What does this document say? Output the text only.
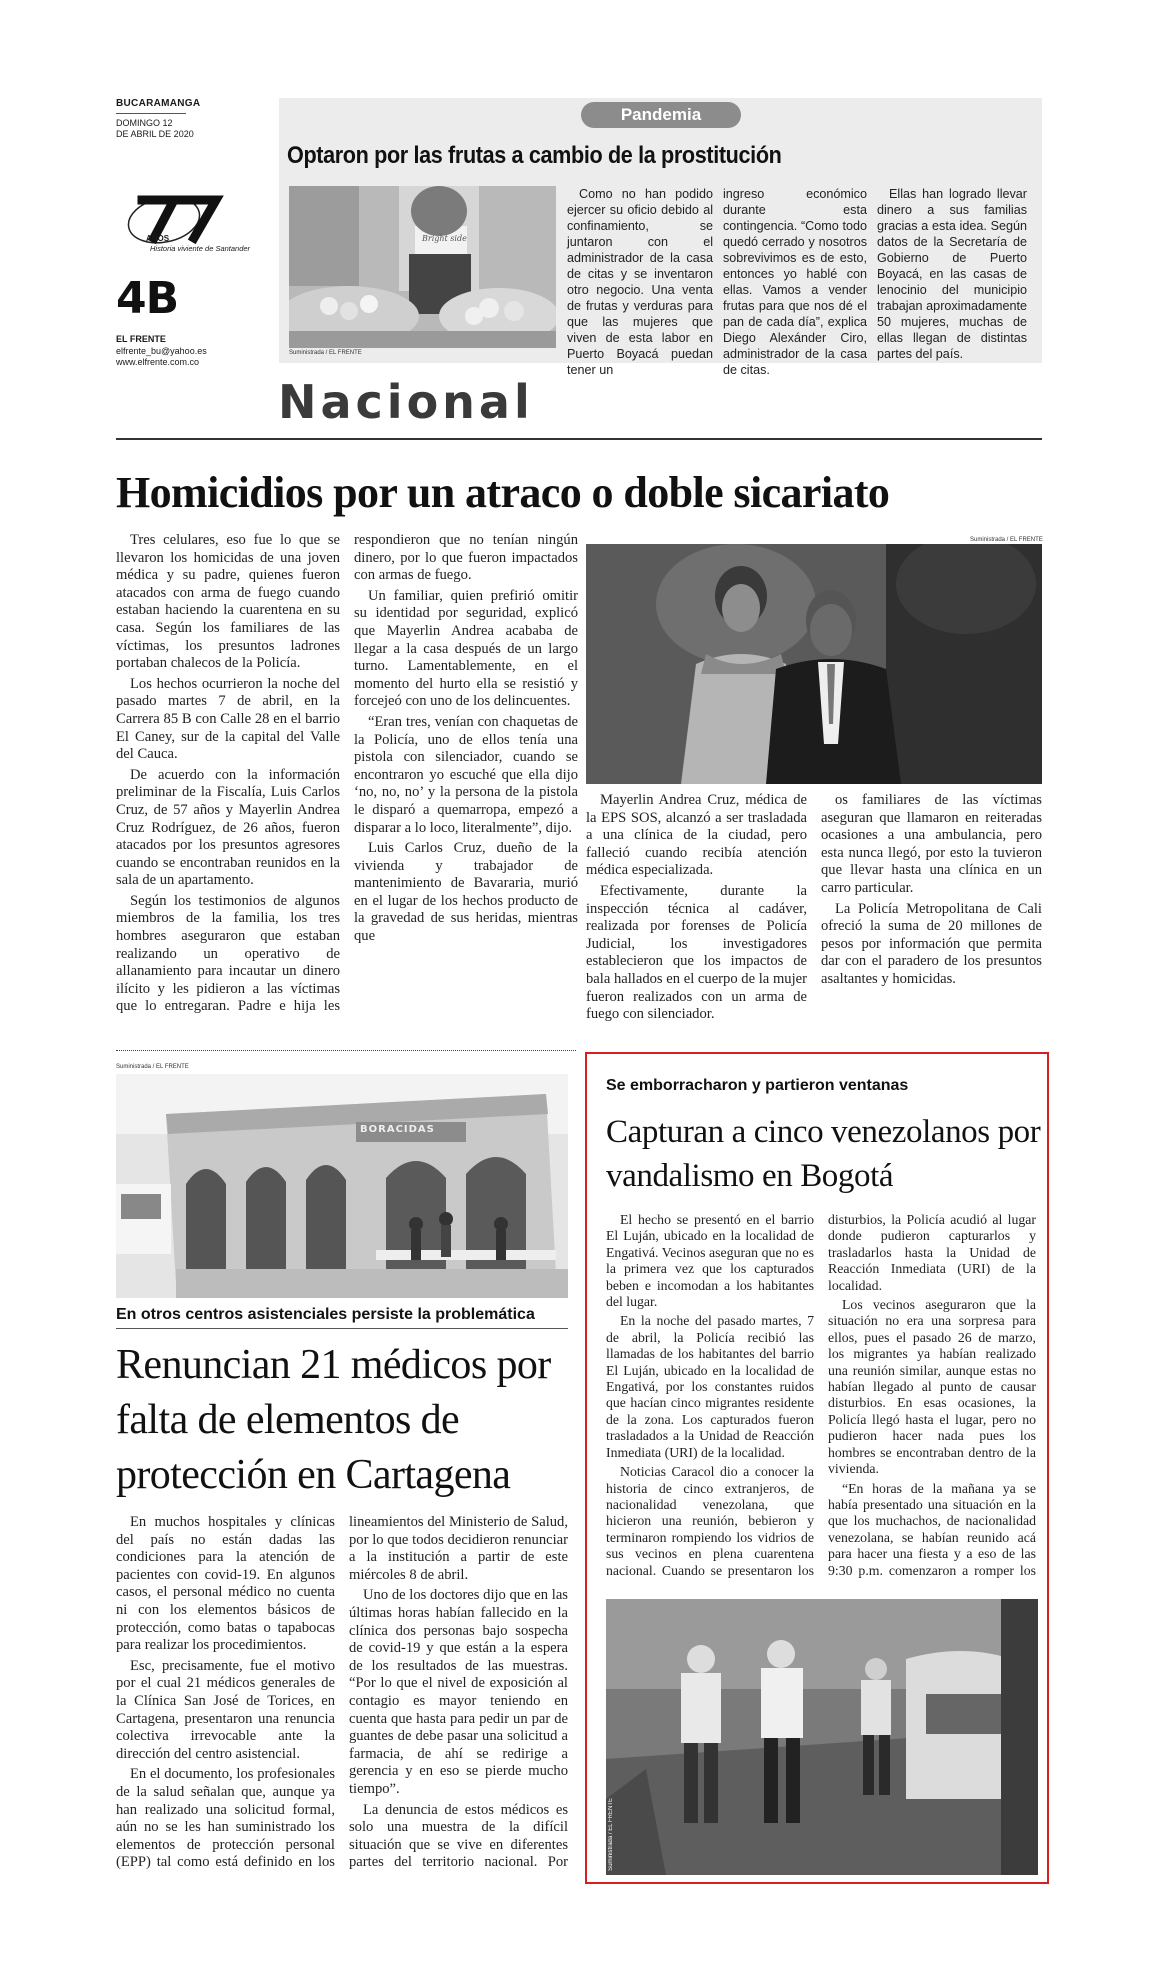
BUCARAMANGA
DOMINGO 12
DE ABRIL DE 2020
AÑOS
Historia viviente de Santander
4B
EL FRENTE
elfrente_bu@yahoo.es
www.elfrente.com.co
Pandemia
Optaron por las frutas a cambio de la prostitución
Bright side
Suministrada / EL FRENTE
Como no han podido ejercer su oficio debido al confinamiento, se juntaron con el administrador de la casa de citas y se inventaron otro negocio. Una venta de frutas y verduras para que las mujeres que viven de esta labor en Puerto Boyacá puedan tener un
ingreso económico durante esta contingencia. “Como todo quedó cerrado y nosotros sobrevivimos es de esto, entonces yo hablé con ellas. Vamos a vender frutas para que nos dé el pan de cada día”, explica Diego Alexánder Ciro, administrador de la casa de citas.
Ellas han logrado llevar dinero a sus familias gracias a esta idea. Según datos de la Secretaría de Gobierno de Puerto Boyacá, en las casas de lenocinio del municipio trabajan aproximadamente 50 mujeres, muchas de ellas llegan de distintas partes del país.
Nacional
Homicidios por un atraco o doble sicariato

Tres celulares, eso fue lo que se llevaron los homicidas de una joven médica y su padre, quienes fueron atacados con arma de fuego cuando estaban haciendo la cuarentena en su casa. Según los familiares de las víctimas, los presuntos ladrones portaban chalecos de la Policía.

Los hechos ocurrieron la noche del pasado martes 7 de abril, en la Carrera 85 B con Calle 28 en el barrio El Caney, sur de la capital del Valle del Cauca.

De acuerdo con la información preliminar de la Fiscalía, Luis Carlos Cruz, de 57 años y Mayerlin Andrea Cruz Rodríguez, de 26 años, fueron atacados por los presuntos agresores cuando se encontraban reunidos en la sala de un apartamento.

Según los testimonios de algunos miembros de la familia, los tres hombres aseguraron que estaban realizando un operativo de allanamiento para incautar un dinero ilícito y les pidieron a las víctimas que lo entregaran. Padre e hija les respondieron que no tenían ningún dinero, por lo que fueron impactados con armas de fuego.

Un familiar, quien prefirió omitir su identidad por seguridad, explicó que Mayerlin Andrea acababa de llegar a la casa después de un largo turno. Lamentablemente, en el momento del hurto ella se resistió y forcejeó con uno de los delincuentes.

“Eran tres, venían con chaquetas de la Policía, uno de ellos tenía una pistola con silenciador, cuando se encontraron yo escuché que ella dijo ‘no, no, no’ y la persona de la pistola le disparó a quemarropa, empezó a disparar a lo loco, literalmente”, dijo.

Luis Carlos Cruz, dueño de la vivienda y trabajador de mantenimiento de Bavararia, murió en el lugar de los hechos producto de la gravedad de sus heridas, mientras que

Suministrada / EL FRENTE

Mayerlin Andrea Cruz, médica de la EPS SOS, alcanzó a ser trasladada a una clínica de la ciudad, pero falleció cuando recibía atención médica especializada.

Efectivamente, durante la inspección técnica al cadáver, realizada por forenses de Policía Judicial, los investigadores establecieron que los impactos de bala hallados en el cuerpo de la mujer fueron realizados con un arma de fuego con silenciador.

os familiares de las víctimas aseguran que llamaron en reiteradas ocasiones a una ambulancia, pero esta nunca llegó, por esto la tuvieron que llevar hasta una clínica en un carro particular.

La Policía Metropolitana de Cali ofreció la suma de 20 millones de pesos por información que permita dar con el paradero de los presuntos asaltantes y homicidas.

Suministrada / EL FRENTE
BORACIDAS
En otros centros asistenciales persiste la problemática
Renuncian 21 médicos por falta de elementos de protección en Cartagena

En muchos hospitales y clínicas del país no están dadas las condiciones para la atención de pacientes con covid-19. En algunos casos, el personal médico no cuenta ni con los elementos básicos de protección, como batas o tapabocas para realizar los procedimientos.

Esc, precisamente, fue el motivo por el cual 21 médicos generales de la Clínica San José de Torices, en Cartagena, presentaron una renuncia colectiva irrevocable ante la dirección del centro asistencial.

En el documento, los profesionales de la salud señalan que, aunque ya han realizado una solicitud formal, aún no se les han suministrado los elementos de protección personal (EPP) tal como está definido en los lineamientos del Ministerio de Salud, por lo que todos decidieron renunciar a la institución a partir de este miércoles 8 de abril.

Uno de los doctores dijo que en las últimas horas habían fallecido en la clínica dos personas bajo sospecha de covid-19 y que están a la espera de los resultados de las muestras. “Por lo que el nivel de exposición al contagio es mayor teniendo en cuenta que hasta para pedir un par de guantes de debe pasar una solicitud a farmacia, de ahí se redirige a gerencia y en eso se pierde mucho tiempo”.

La denuncia de estos médicos es solo una muestra de la difícil situación que se vive en diferentes partes del territorio nacional. Por

Se emborracharon y partieron ventanas
Capturan a cinco venezolanos por vandalismo en Bogotá

El hecho se presentó en el barrio El Luján, ubicado en la localidad de Engativá. Vecinos aseguran que no es la primera vez que los capturados beben e incomodan a los habitantes del lugar.

En la noche del pasado martes, 7 de abril, la Policía recibió las llamadas de los habitantes del barrio El Luján, ubicado en la localidad de Engativá, por los constantes ruidos que hacían cinco migrantes residente de la zona. Los capturados fueron trasladados a la Unidad de Reacción Inmediata (URI) de la localidad.

Noticias Caracol dio a conocer la historia de cinco extranjeros, de nacionalidad venezolana, que hicieron una reunión, bebieron y terminaron rompiendo los vidrios de sus vecinos en plena cuarentena nacional. Cuando se presentaron los disturbios, la Policía acudió al lugar donde pudieron capturarlos y trasladarlos hasta la Unidad de Reacción Inmediata (URI) de la localidad.

Los vecinos aseguraron que la situación no era una sorpresa para ellos, pues el pasado 26 de marzo, los migrantes ya habían realizado una reunión similar, aunque estas no habían llegado al punto de causar disturbios. En esas ocasiones, la Policía llegó hasta el lugar, pero no pudieron hacer nada pues los hombres se encontraban dentro de la vivienda.

“En horas de la mañana ya se había presentado una situación en la que los muchachos, de nacionalidad venezolana, se habían reunido acá para hacer una fiesta y a eso de las 9:30 p.m. comenzaron a romper los

Suministrada / EL FRENTE
